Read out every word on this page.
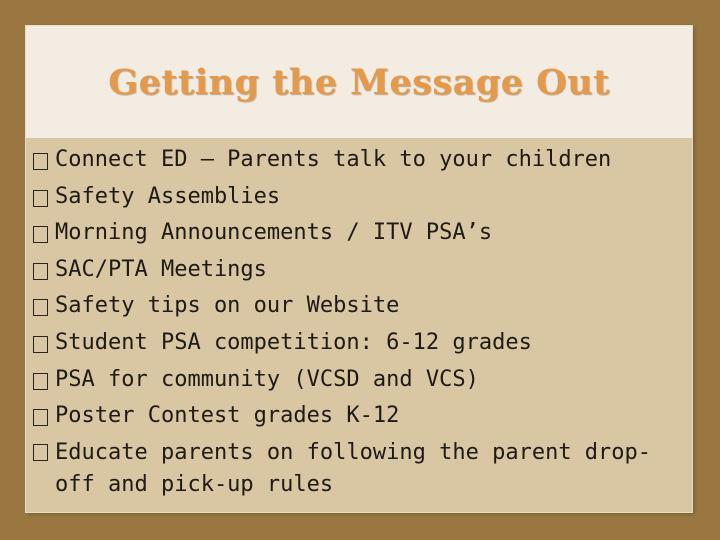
Getting the Message Out
Connect ED – Parents talk to your children
Safety Assemblies
Morning Announcements / ITV PSA’s
SAC/PTA Meetings
Safety tips on our Website
Student PSA competition: 6-12 grades
PSA for community (VCSD and VCS)
Poster Contest grades K-12
Educate parents on following the parent drop-off and pick-up rules
